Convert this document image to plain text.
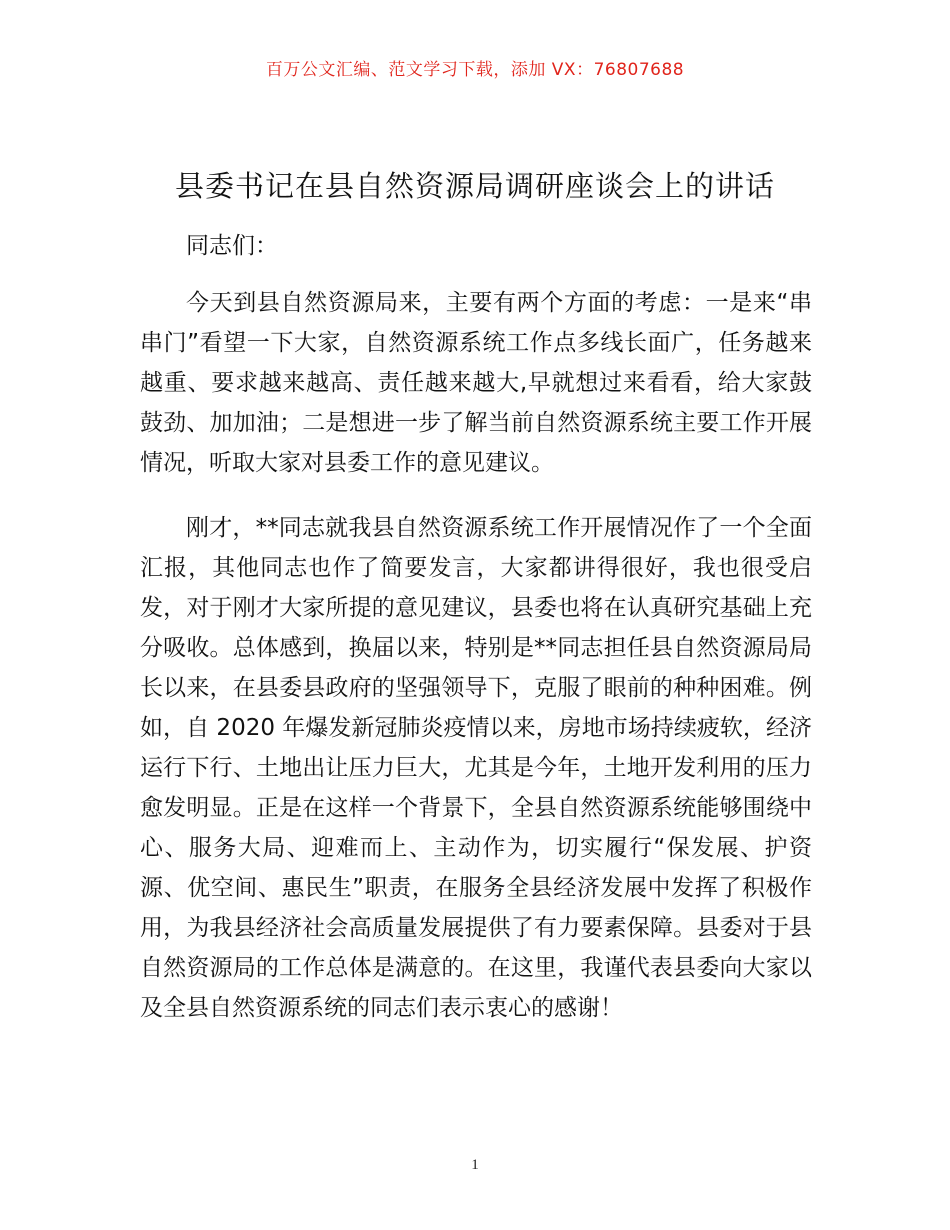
百万公文汇编、范文学习下载，添加 VX：76807688
县委书记在县自然资源局调研座谈会上的讲话

同志们：

今天到县自然资源局来，主要有两个方面的考虑：一是来“串串门”看望一下大家，自然资源系统工作点多线长面广，任务越来越重、要求越来越高、责任越来越大,早就想过来看看，给大家鼓鼓劲、加加油；二是想进一步了解当前自然资源系统主要工作开展情况，听取大家对县委工作的意见建议。

刚才，**同志就我县自然资源系统工作开展情况作了一个全面汇报，其他同志也作了简要发言，大家都讲得很好，我也很受启发，对于刚才大家所提的意见建议，县委也将在认真研究基础上充分吸收。总体感到，换届以来，特别是**同志担任县自然资源局局长以来，在县委县政府的坚强领导下，克服了眼前的种种困难。例如，自 2020 年爆发新冠肺炎疫情以来，房地市场持续疲软，经济运行下行、土地出让压力巨大，尤其是今年，土地开发利用的压力愈发明显。正是在这样一个背景下，全县自然资源系统能够围绕中心、服务大局、迎难而上、主动作为，切实履行“保发展、护资源、优空间、惠民生”职责，在服务全县经济发展中发挥了积极作用，为我县经济社会高质量发展提供了有力要素保障。县委对于县自然资源局的工作总体是满意的。在这里，我谨代表县委向大家以及全县自然资源系统的同志们表示衷心的感谢！

1
